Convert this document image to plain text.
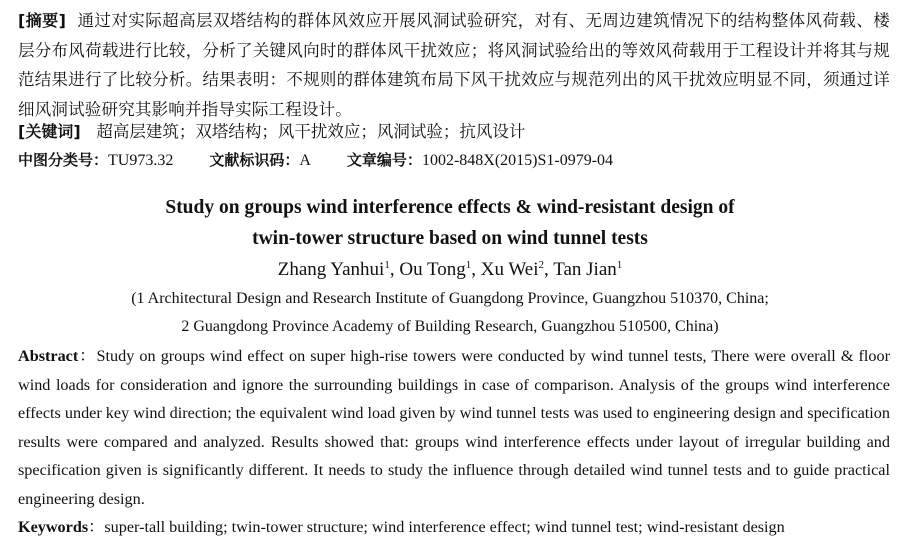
[摘要] 通过对实际超高层双塔结构的群体风效应开展风洞试验研究，对有、无周边建筑情况下的结构整体风荷载、楼层分布风荷载进行比较，分析了关键风向时的群体风干扰效应；将风洞试验给出的等效风荷载用于工程设计并将其与规范结果进行了比较分析。结果表明：不规则的群体建筑布局下风干扰效应与规范列出的风干扰效应明显不同，须通过详细风洞试验研究其影响并指导实际工程设计。
[关键词] 超高层建筑；双塔结构；风干扰效应；风洞试验；抗风设计
中图分类号：TU973.32 文献标识码：A 文章编号：1002-848X(2015)S1-0979-04
Study on groups wind interference effects & wind-resistant design of
twin-tower structure based on wind tunnel tests
Zhang Yanhui$^1$, Ou Tong$^1$, Xu Wei$^2$, Tan Jian$^1$
(1 Architectural Design and Research Institute of Guangdong Province, Guangzhou 510370, China;
2 Guangdong Province Academy of Building Research, Guangzhou 510500, China)
Abstract：Study on groups wind effect on super high-rise towers were conducted by wind tunnel tests, There were overall & floor wind loads for consideration and ignore the surrounding buildings in case of comparison. Analysis of the groups wind interference effects under key wind direction; the equivalent wind load given by wind tunnel tests was used to engineering design and specification results were compared and analyzed. Results showed that: groups wind interference effects under layout of irregular building and specification given is significantly different. It needs to study the influence through detailed wind tunnel tests and to guide practical engineering design.
Keywords：super-tall building; twin-tower structure; wind interference effect; wind tunnel test; wind-resistant design
